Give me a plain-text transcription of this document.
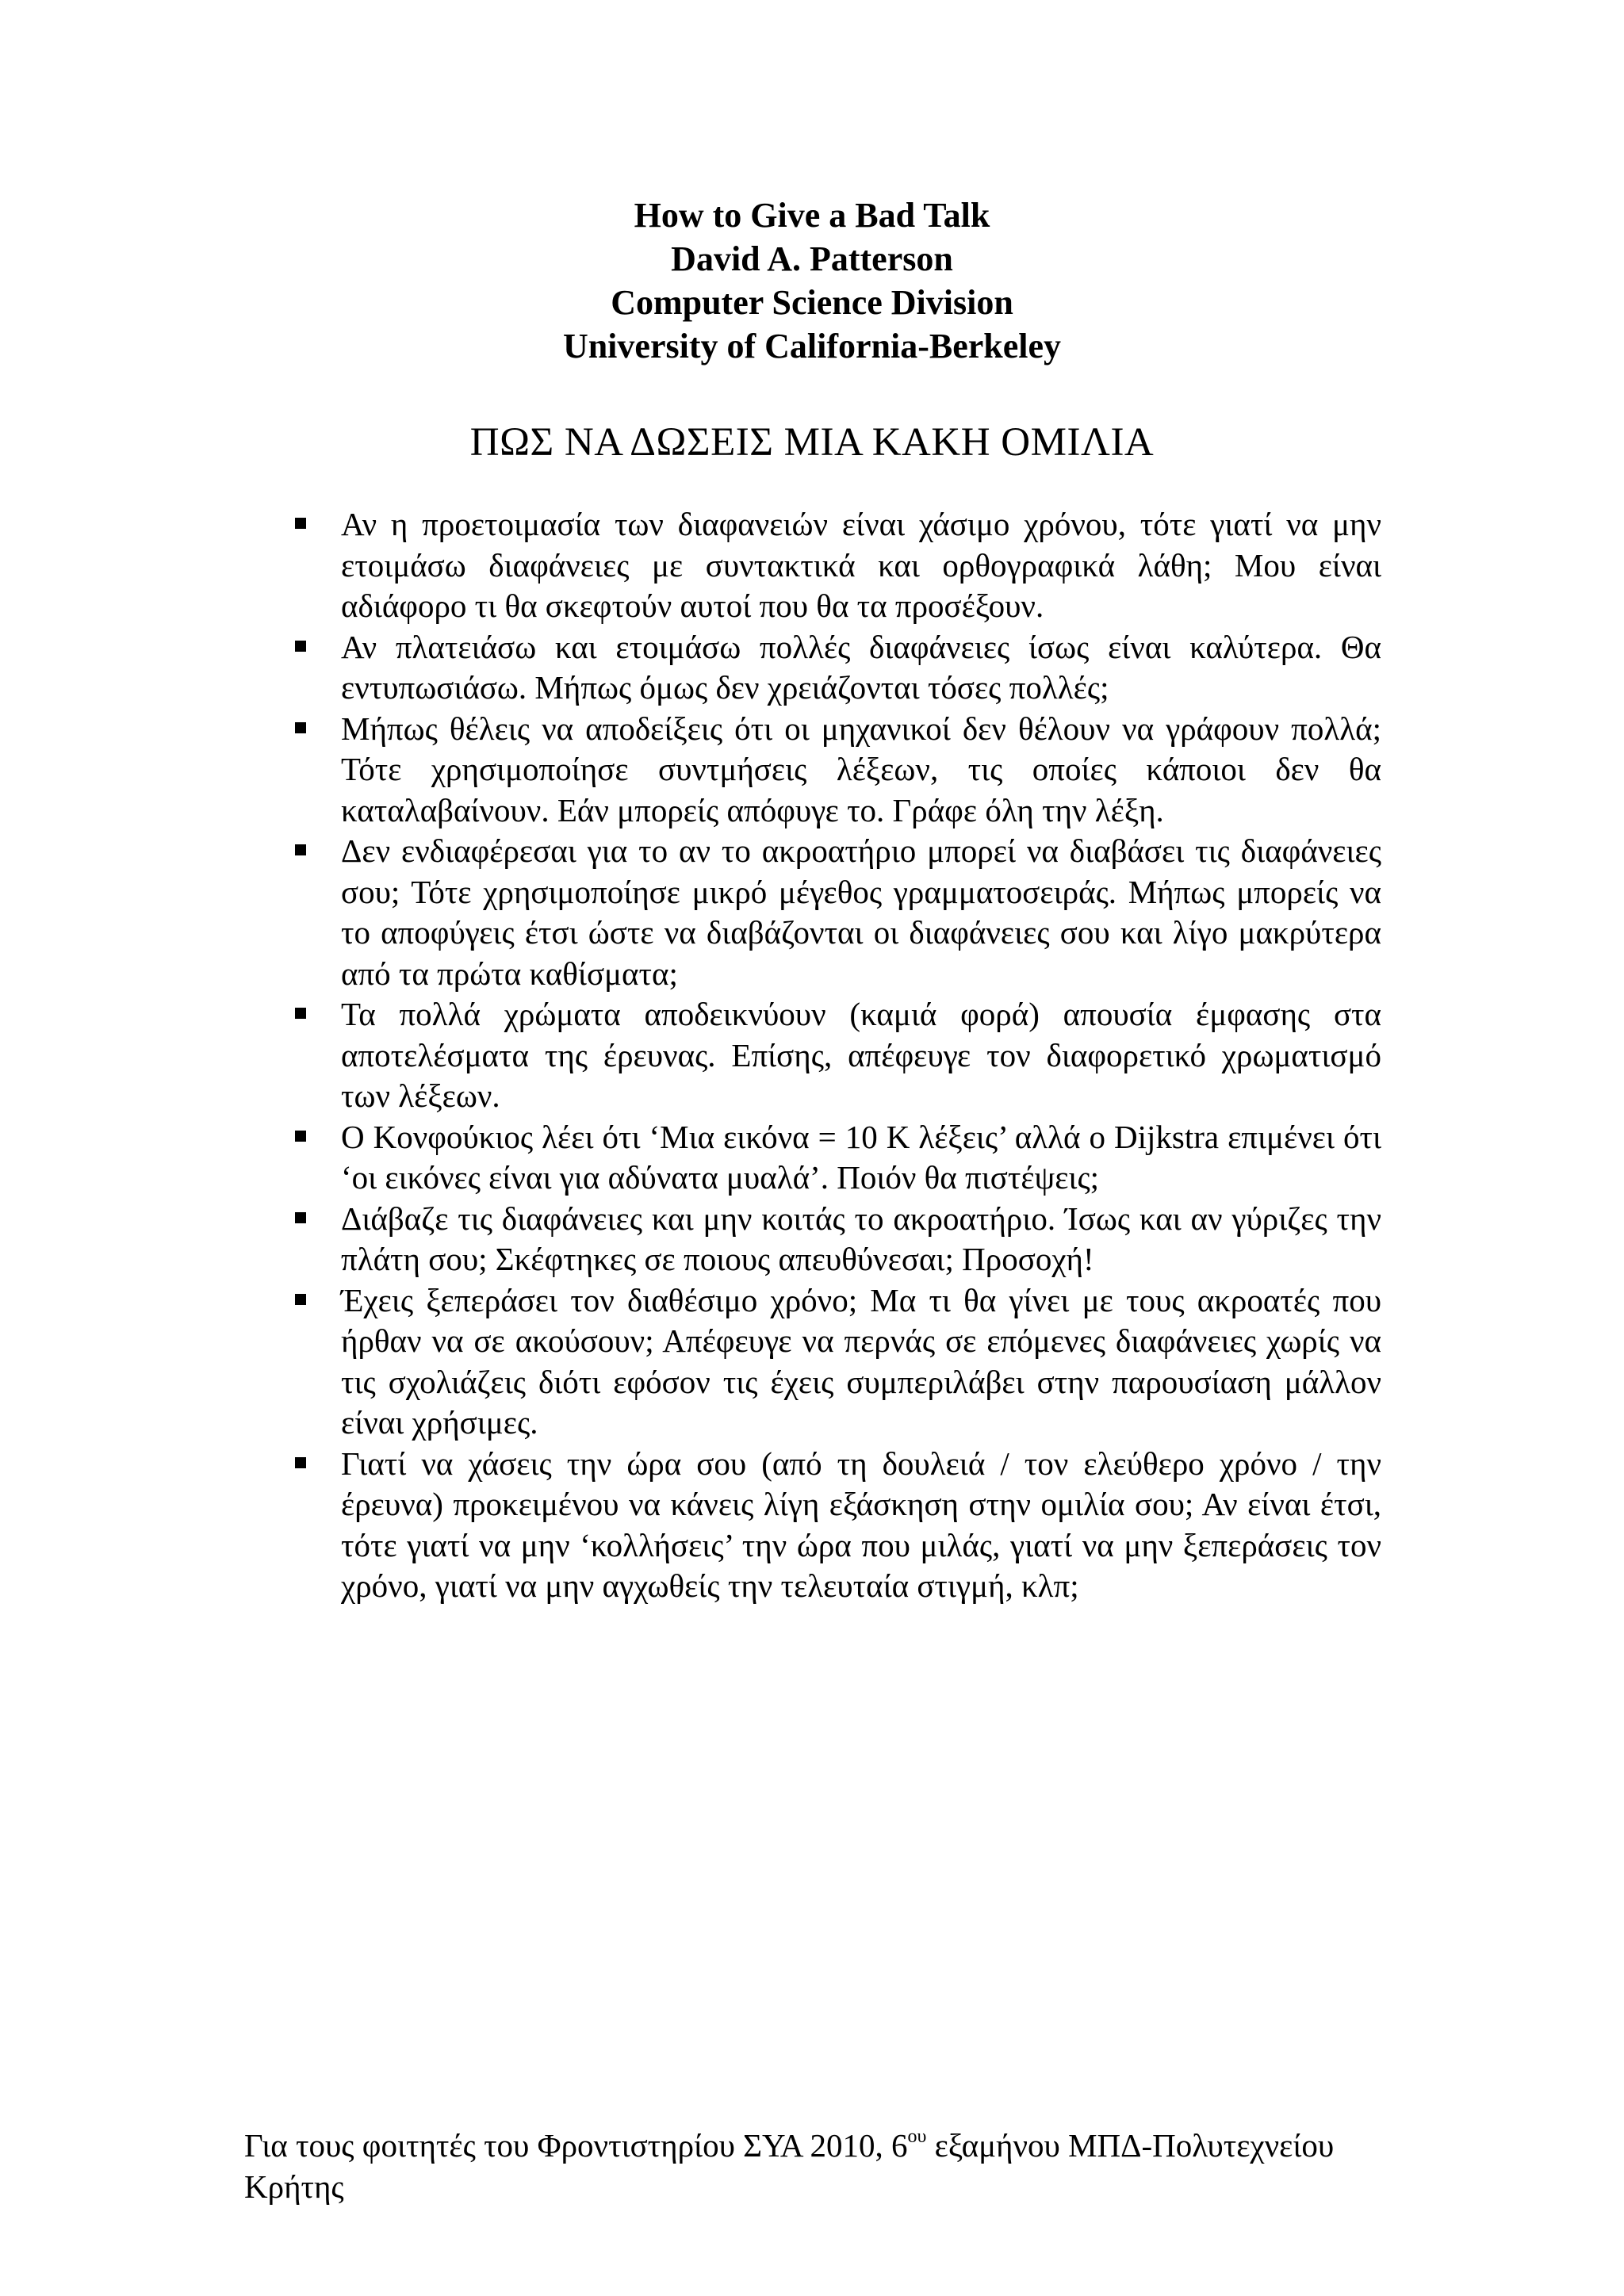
How to Give a Bad Talk
David A. Patterson
Computer Science Division
University of California-Berkeley
ΠΩΣ ΝΑ ΔΩΣΕΙΣ ΜΙΑ ΚΑΚΗ ΟΜΙΛΙΑ
Αν η προετοιμασία των διαφανειών είναι χάσιμο χρόνου, τότε γιατί να μην ετοιμάσω διαφάνειες με συντακτικά και ορθογραφικά λάθη; Μου είναι αδιάφορο τι θα σκεφτούν αυτοί που θα τα προσέξουν.
Αν πλατειάσω και ετοιμάσω πολλές διαφάνειες ίσως είναι καλύτερα. Θα εντυπωσιάσω. Μήπως όμως δεν χρειάζονται τόσες πολλές;
Μήπως θέλεις να αποδείξεις ότι οι μηχανικοί δεν θέλουν να γράφουν πολλά; Τότε χρησιμοποίησε συντμήσεις λέξεων, τις οποίες κάποιοι δεν θα καταλαβαίνουν. Εάν μπορείς απόφυγε το. Γράφε όλη την λέξη.
Δεν ενδιαφέρεσαι για το αν το ακροατήριο μπορεί να διαβάσει τις διαφάνειες σου; Τότε χρησιμοποίησε μικρό μέγεθος γραμματοσειράς. Μήπως μπορείς να το αποφύγεις έτσι ώστε να διαβάζονται οι διαφάνειες σου και λίγο μακρύτερα από τα πρώτα καθίσματα;
Τα πολλά χρώματα αποδεικνύουν (καμιά φορά) απουσία έμφασης στα αποτελέσματα της έρευνας. Επίσης, απέφευγε τον διαφορετικό χρωματισμό των λέξεων.
Ο Κονφούκιος λέει ότι ‘Μια εικόνα = 10 Κ λέξεις’ αλλά ο Dijkstra επιμένει ότι ‘οι εικόνες είναι για αδύνατα μυαλά’. Ποιόν θα πιστέψεις;
Διάβαζε τις διαφάνειες και μην κοιτάς το ακροατήριο. Ίσως και αν γύριζες την πλάτη σου; Σκέφτηκες σε ποιους απευθύνεσαι; Προσοχή!
Έχεις ξεπεράσει τον διαθέσιμο χρόνο; Μα τι θα γίνει με τους ακροατές που ήρθαν να σε ακούσουν; Απέφευγε να περνάς σε επόμενες διαφάνειες χωρίς να τις σχολιάζεις διότι εφόσον τις έχεις συμπεριλάβει στην παρουσίαση μάλλον είναι χρήσιμες.
Γιατί να χάσεις την ώρα σου (από τη δουλειά / τον ελεύθερο χρόνο / την έρευνα) προκειμένου να κάνεις λίγη εξάσκηση στην ομιλία σου; Αν είναι έτσι, τότε γιατί να μην ‘κολλήσεις’ την ώρα που μιλάς, γιατί να μην ξεπεράσεις τον χρόνο, γιατί να μην αγχωθείς την τελευταία στιγμή, κλπ;
Για τους φοιτητές του Φροντιστηρίου ΣΥΑ 2010, $6^{o\upsilon}$ εξαμήνου ΜΠΔ-Πολυτεχνείου Κρήτης
